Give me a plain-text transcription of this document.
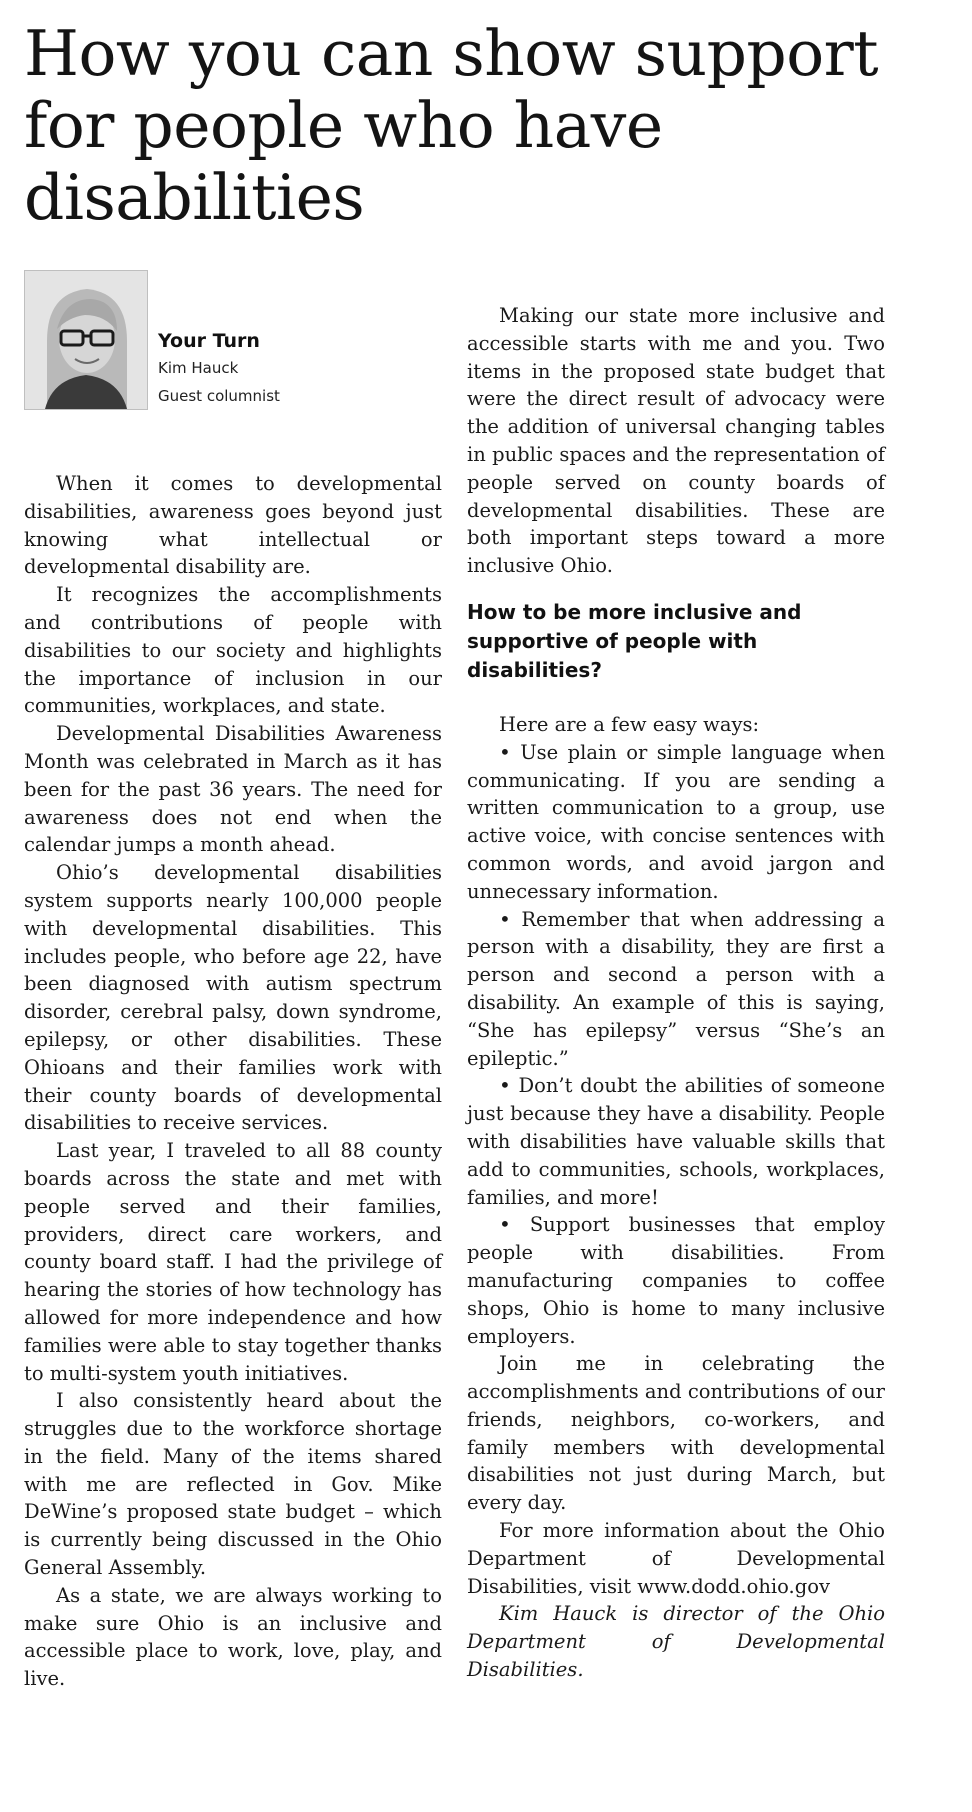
How you can show support for people who have disabilities
Your Turn
Kim Hauck
Guest columnist

When it comes to developmental disabilities, awareness goes beyond just knowing what intellectual or developmental disability are.

It recognizes the accomplishments and contributions of people with disabilities to our society and highlights the importance of inclusion in our communities, workplaces, and state.

Developmental Disabilities Awareness Month was celebrated in March as it has been for the past 36 years. The need for awareness does not end when the calendar jumps a month ahead.

Ohio’s developmental disabilities system supports nearly 100,000 people with developmental disabilities. This includes people, who before age 22, have been diagnosed with autism spectrum disorder, cerebral palsy, down syndrome, epilepsy, or other disabilities. These Ohioans and their families work with their county boards of developmental disabilities to receive services.

Last year, I traveled to all 88 county boards across the state and met with people served and their families, providers, direct care workers, and county board staff. I had the privilege of hearing the stories of how technology has allowed for more independence and how families were able to stay together thanks to multi-system youth initiatives.

I also consistently heard about the struggles due to the workforce shortage in the field. Many of the items shared with me are reflected in Gov. Mike DeWine’s proposed state budget – which is currently being discussed in the Ohio General Assembly.

As a state, we are always working to make sure Ohio is an inclusive and accessible place to work, love, play, and live.

Making our state more inclusive and accessible starts with me and you. Two items in the proposed state budget that were the direct result of advocacy were the addition of universal changing tables in public spaces and the representation of people served on county boards of developmental disabilities. These are both important steps toward a more inclusive Ohio.

How to be more inclusive and supportive of people with disabilities?

Here are a few easy ways:

• Use plain or simple language when communicating. If you are sending a written communication to a group, use active voice, with concise sentences with common words, and avoid jargon and unnecessary information.

• Remember that when addressing a person with a disability, they are first a person and second a person with a disability. An example of this is saying, “She has epilepsy” versus “She’s an epileptic.”

• Don’t doubt the abilities of someone just because they have a disability. People with disabilities have valuable skills that add to communities, schools, workplaces, families, and more!

• Support businesses that employ people with disabilities. From manufacturing companies to coffee shops, Ohio is home to many inclusive employers.

Join me in celebrating the accomplishments and contributions of our friends, neighbors, co-workers, and family members with developmental disabilities not just during March, but every day.

For more information about the Ohio Department of Developmental Disabilities, visit www.dodd.ohio.gov

Kim Hauck is director of the Ohio Department of Developmental Disabilities.
